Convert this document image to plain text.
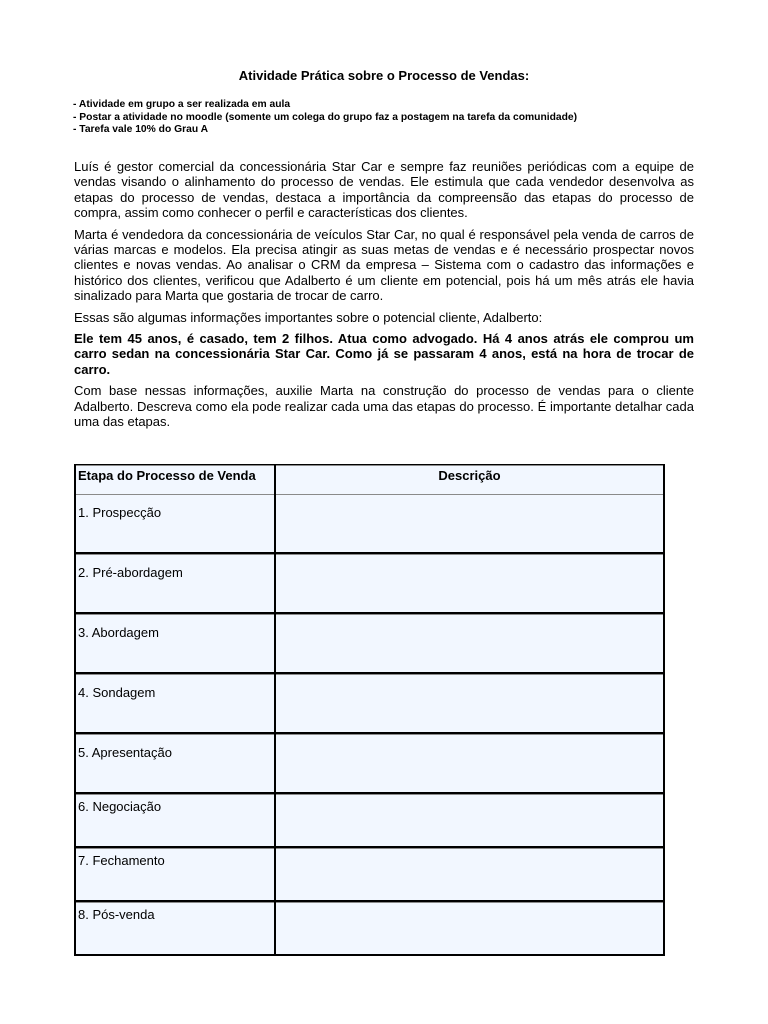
Atividade Prática sobre o Processo de Vendas:
- Atividade em grupo a ser realizada em aula
- Postar a atividade no moodle (somente um colega do grupo faz a postagem na tarefa da comunidade)
- Tarefa vale 10% do Grau A

Luís é gestor comercial da concessionária Star Car e sempre faz reuniões periódicas com a equipe de vendas visando o alinhamento do processo de vendas. Ele estimula que cada vendedor desenvolva as etapas do processo de vendas, destaca a importância da compreensão das etapas do processo de compra, assim como conhecer o perfil e características dos clientes.

Marta é vendedora da concessionária de veículos Star Car, no qual é responsável pela venda de carros de várias marcas e modelos. Ela precisa atingir as suas metas de vendas e é necessário prospectar novos clientes e novas vendas. Ao analisar o CRM da empresa – Sistema com o cadastro das informações e histórico dos clientes, verificou que Adalberto é um cliente em potencial, pois há um mês atrás ele havia sinalizado para Marta que gostaria de trocar de carro.

Essas são algumas informações importantes sobre o potencial cliente, Adalberto:

Ele tem 45 anos, é casado, tem 2 filhos. Atua como advogado. Há 4 anos atrás ele comprou um carro sedan na concessionária Star Car. Como já se passaram 4 anos, está na hora de trocar de carro.

Com base nessas informações, auxilie Marta na construção do processo de vendas para o cliente Adalberto. Descreva como ela pode realizar cada uma das etapas do processo. É importante detalhar cada uma das etapas.

Etapa do Processo de Venda	Descrição
1. Prospecção	
2. Pré-abordagem	
3. Abordagem	
4. Sondagem	
5. Apresentação	
6. Negociação	
7. Fechamento	
8. Pós-venda	
